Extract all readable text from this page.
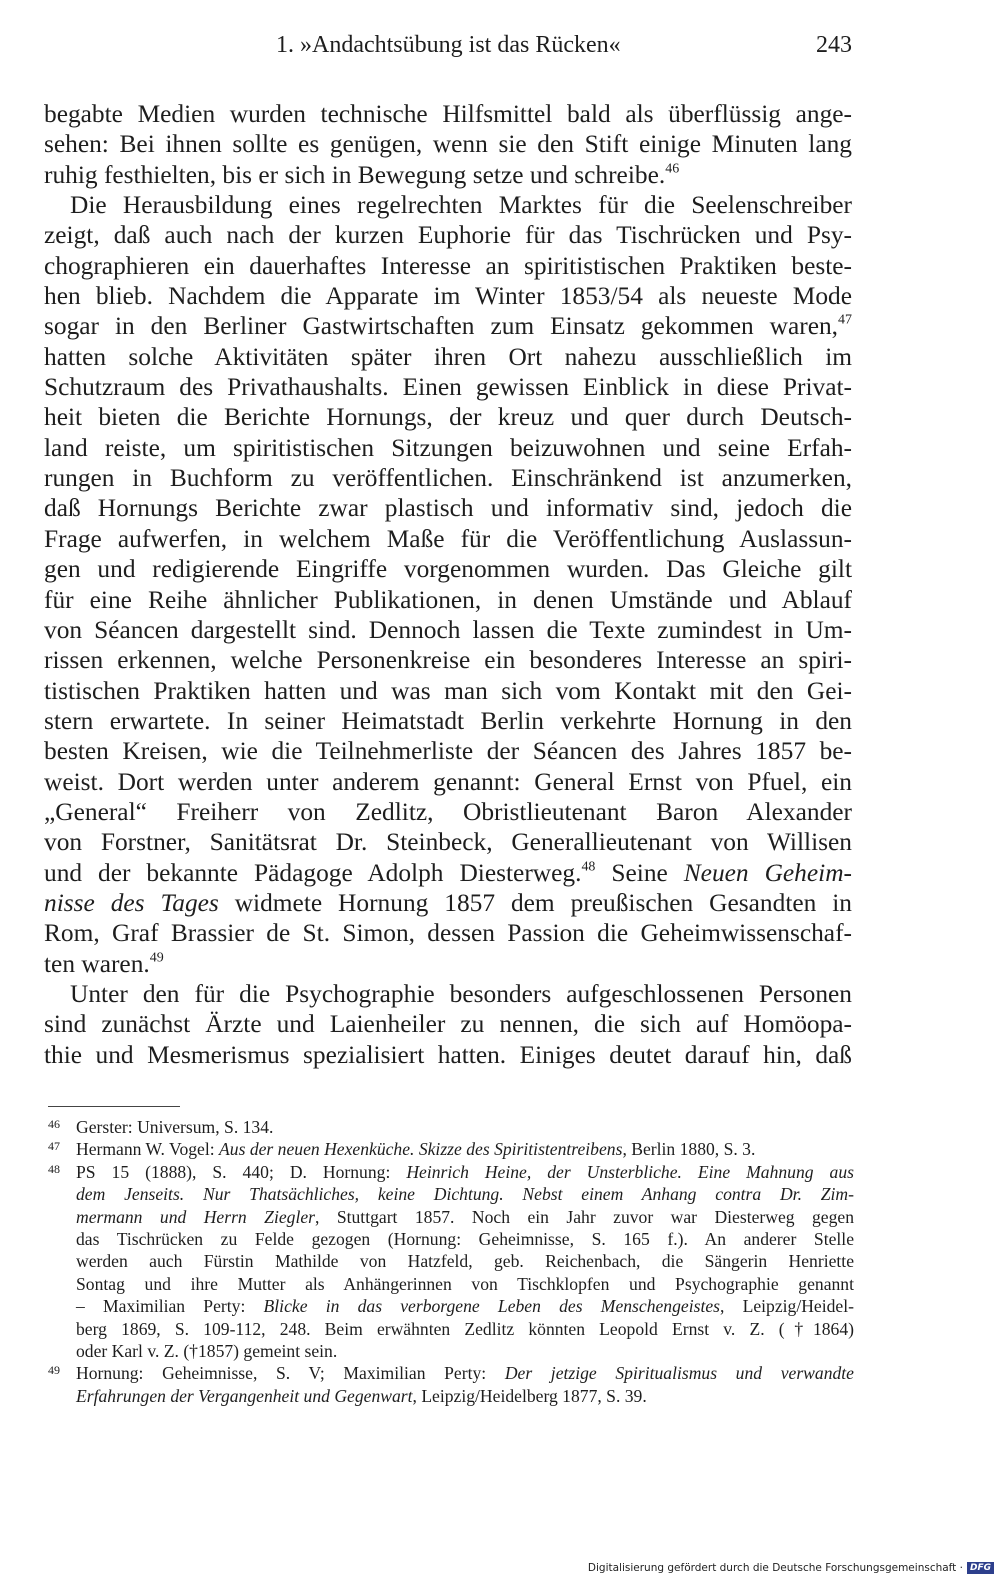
1. »Andachtsübung ist das Rücken«	243

begabte Medien wurden technische Hilfsmittel bald als überflüssig ange-
sehen: Bei ihnen sollte es genügen, wenn sie den Stift einige Minuten lang
ruhig festhielten, bis er sich in Bewegung setze und schreibe.$^{46}$

Die Herausbildung eines regelrechten Marktes für die Seelenschreiber
zeigt, daß auch nach der kurzen Euphorie für das Tischrücken und Psy-
chographieren ein dauerhaftes Interesse an spiritistischen Praktiken beste-
hen blieb. Nachdem die Apparate im Winter 1853/54 als neueste Mode
sogar in den Berliner Gastwirtschaften zum Einsatz gekommen waren,$^{47}$
hatten solche Aktivitäten später ihren Ort nahezu ausschließlich im
Schutzraum des Privathaushalts. Einen gewissen Einblick in diese Privat-
heit bieten die Berichte Hornungs, der kreuz und quer durch Deutsch-
land reiste, um spiritistischen Sitzungen beizuwohnen und seine Erfah-
rungen in Buchform zu veröffentlichen. Einschränkend ist anzumerken,
daß Hornungs Berichte zwar plastisch und informativ sind, jedoch die
Frage aufwerfen, in welchem Maße für die Veröffentlichung Auslassun-
gen und redigierende Eingriffe vorgenommen wurden. Das Gleiche gilt
für eine Reihe ähnlicher Publikationen, in denen Umstände und Ablauf
von Séancen dargestellt sind. Dennoch lassen die Texte zumindest in Um-
rissen erkennen, welche Personenkreise ein besonderes Interesse an spiri-
tistischen Praktiken hatten und was man sich vom Kontakt mit den Gei-
stern erwartete. In seiner Heimatstadt Berlin verkehrte Hornung in den
besten Kreisen, wie die Teilnehmerliste der Séancen des Jahres 1857 be-
weist. Dort werden unter anderem genannt: General Ernst von Pfuel, ein
„General“ Freiherr von Zedlitz, Obristlieutenant Baron Alexander
von Forstner, Sanitätsrat Dr. Steinbeck, Generallieutenant von Willisen
und der bekannte Pädagoge Adolph Diesterweg.$^{48}$ Seine Neuen Geheim-
nisse des Tages widmete Hornung 1857 dem preußischen Gesandten in
Rom, Graf Brassier de St. Simon, dessen Passion die Geheimwissenschaf-
ten waren.$^{49}$

Unter den für die Psychographie besonders aufgeschlossenen Personen
sind zunächst Ärzte und Laienheiler zu nennen, die sich auf Homöopa-
thie und Mesmerismus spezialisiert hatten. Einiges deutet darauf hin, daß

46 Gerster: Universum, S. 134.
47 Hermann W. Vogel: Aus der neuen Hexenküche. Skizze des Spiritistentreibens, Berlin 1880, S. 3.
48 PS 15 (1888), S. 440; D. Hornung: Heinrich Heine, der Unsterbliche. Eine Mahnung aus
dem Jenseits. Nur Thatsächliches, keine Dichtung. Nebst einem Anhang contra Dr. Zim-
mermann und Herrn Ziegler, Stuttgart 1857. Noch ein Jahr zuvor war Diesterweg gegen
das Tischrücken zu Felde gezogen (Hornung: Geheimnisse, S. 165 f.). An anderer Stelle
werden auch Fürstin Mathilde von Hatzfeld, geb. Reichenbach, die Sängerin Henriette
Sontag und ihre Mutter als Anhängerinnen von Tischklopfen und Psychographie genannt
– Maximilian Perty: Blicke in das verborgene Leben des Menschengeistes, Leipzig/Heidel-
berg 1869, S. 109-112, 248. Beim erwähnten Zedlitz könnten Leopold Ernst v. Z. (†1864)
oder Karl v. Z. (†1857) gemeint sein.
49 Hornung: Geheimnisse, S. V; Maximilian Perty: Der jetzige Spiritualismus und verwandte
Erfahrungen der Vergangenheit und Gegenwart, Leipzig/Heidelberg 1877, S. 39.
Digitalisierung gefördert durch die Deutsche Forschungsgemeinschaft · DFG
